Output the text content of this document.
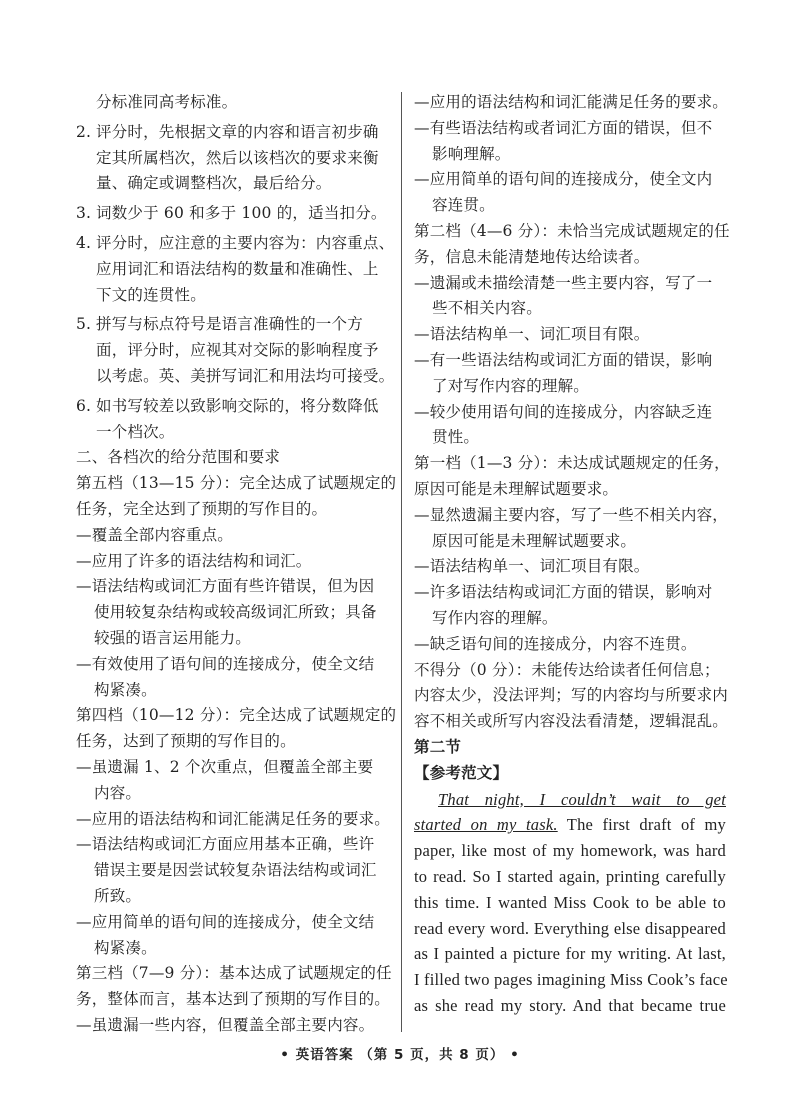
分标准同高考标准。
2. 评分时，先根据文章的内容和语言初步确
定其所属档次，然后以该档次的要求来衡
量、确定或调整档次，最后给分。
3. 词数少于 60 和多于 100 的，适当扣分。
4. 评分时，应注意的主要内容为：内容重点、
应用词汇和语法结构的数量和准确性、上
下文的连贯性。
5. 拼写与标点符号是语言准确性的一个方
面，评分时，应视其对交际的影响程度予
以考虑。英、美拼写词汇和用法均可接受。
6. 如书写较差以致影响交际的，将分数降低
一个档次。
二、各档次的给分范围和要求
第五档（13—15 分）：完全达成了试题规定的
任务，完全达到了预期的写作目的。
—覆盖全部内容重点。
—应用了许多的语法结构和词汇。
—语法结构或词汇方面有些许错误，但为因
使用较复杂结构或较高级词汇所致；具备
较强的语言运用能力。
—有效使用了语句间的连接成分，使全文结
构紧凑。
第四档（10—12 分）：完全达成了试题规定的
任务，达到了预期的写作目的。
—虽遗漏 1、2 个次重点，但覆盖全部主要
内容。
—应用的语法结构和词汇能满足任务的要求。
—语法结构或词汇方面应用基本正确，些许
错误主要是因尝试较复杂语法结构或词汇
所致。
—应用简单的语句间的连接成分，使全文结
构紧凑。
第三档（7—9 分）：基本达成了试题规定的任
务，整体而言，基本达到了预期的写作目的。
—虽遗漏一些内容，但覆盖全部主要内容。
—应用的语法结构和词汇能满足任务的要求。
—有些语法结构或者词汇方面的错误，但不
影响理解。
—应用简单的语句间的连接成分，使全文内
容连贯。
第二档（4—6 分）：未恰当完成试题规定的任
务，信息未能清楚地传达给读者。
—遗漏或未描绘清楚一些主要内容，写了一
些不相关内容。
—语法结构单一、词汇项目有限。
—有一些语法结构或词汇方面的错误，影响
了对写作内容的理解。
—较少使用语句间的连接成分，内容缺乏连
贯性。
第一档（1—3 分）：未达成试题规定的任务，
原因可能是未理解试题要求。
—显然遗漏主要内容，写了一些不相关内容，
原因可能是未理解试题要求。
—语法结构单一、词汇项目有限。
—许多语法结构或词汇方面的错误，影响对
写作内容的理解。
—缺乏语句间的连接成分，内容不连贯。
不得分（0 分）：未能传达给读者任何信息；
内容太少，没法评判；写的内容均与所要求内
容不相关或所写内容没法看清楚，逻辑混乱。
第二节
【参考范文】
That night, I couldn’t wait to get
started on my task. The first draft of my
paper, like most of my homework, was hard
to read. So I started again, printing carefully
this time. I wanted Miss Cook to be able to
read every word. Everything else disappeared
as I painted a picture for my writing. At last,
I filled two pages imagining Miss Cook’s face
as she read my story. And that became true
• 英语答案 （第 5 页，共 8 页） •
